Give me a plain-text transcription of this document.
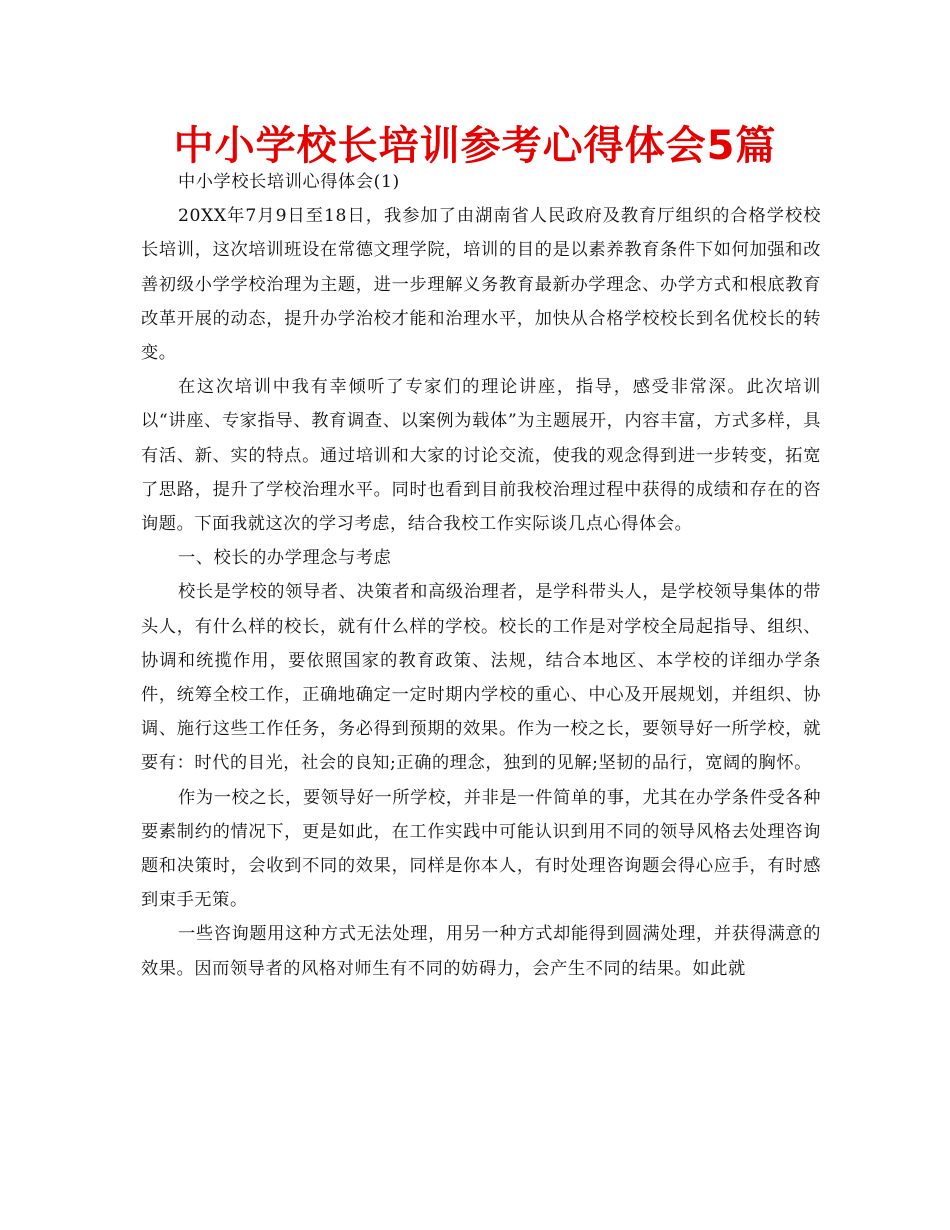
中小学校长培训参考心得体会5篇

中小学校长培训心得体会(1)

20XX年7月9日至18日，我参加了由湖南省人民政府及教育厅组织的合格学校校长培训，这次培训班设在常德文理学院，培训的目的是以素养教育条件下如何加强和改善初级小学学校治理为主题，进一步理解义务教育最新办学理念、办学方式和根底教育改革开展的动态，提升办学治校才能和治理水平，加快从合格学校校长到名优校长的转变。

在这次培训中我有幸倾听了专家们的理论讲座，指导，感受非常深。此次培训以“讲座、专家指导、教育调查、以案例为载体”为主题展开，内容丰富，方式多样，具有活、新、实的特点。通过培训和大家的讨论交流，使我的观念得到进一步转变，拓宽了思路，提升了学校治理水平。同时也看到目前我校治理过程中获得的成绩和存在的咨询题。下面我就这次的学习考虑，结合我校工作实际谈几点心得体会。

一、校长的办学理念与考虑

校长是学校的领导者、决策者和高级治理者，是学科带头人，是学校领导集体的带头人，有什么样的校长，就有什么样的学校。校长的工作是对学校全局起指导、组织、协调和统揽作用，要依照国家的教育政策、法规，结合本地区、本学校的详细办学条件，统筹全校工作，正确地确定一定时期内学校的重心、中心及开展规划，并组织、协调、施行这些工作任务，务必得到预期的效果。作为一校之长，要领导好一所学校，就要有：时代的目光，社会的良知;正确的理念，独到的见解;坚韧的品行，宽阔的胸怀。

作为一校之长，要领导好一所学校，并非是一件简单的事，尤其在办学条件受各种要素制约的情况下，更是如此，在工作实践中可能认识到用不同的领导风格去处理咨询题和决策时，会收到不同的效果，同样是你本人，有时处理咨询题会得心应手，有时感到束手无策。

一些咨询题用这种方式无法处理，用另一种方式却能得到圆满处理，并获得满意的效果。因而领导者的风格对师生有不同的妨碍力，会产生不同的结果。如此就
